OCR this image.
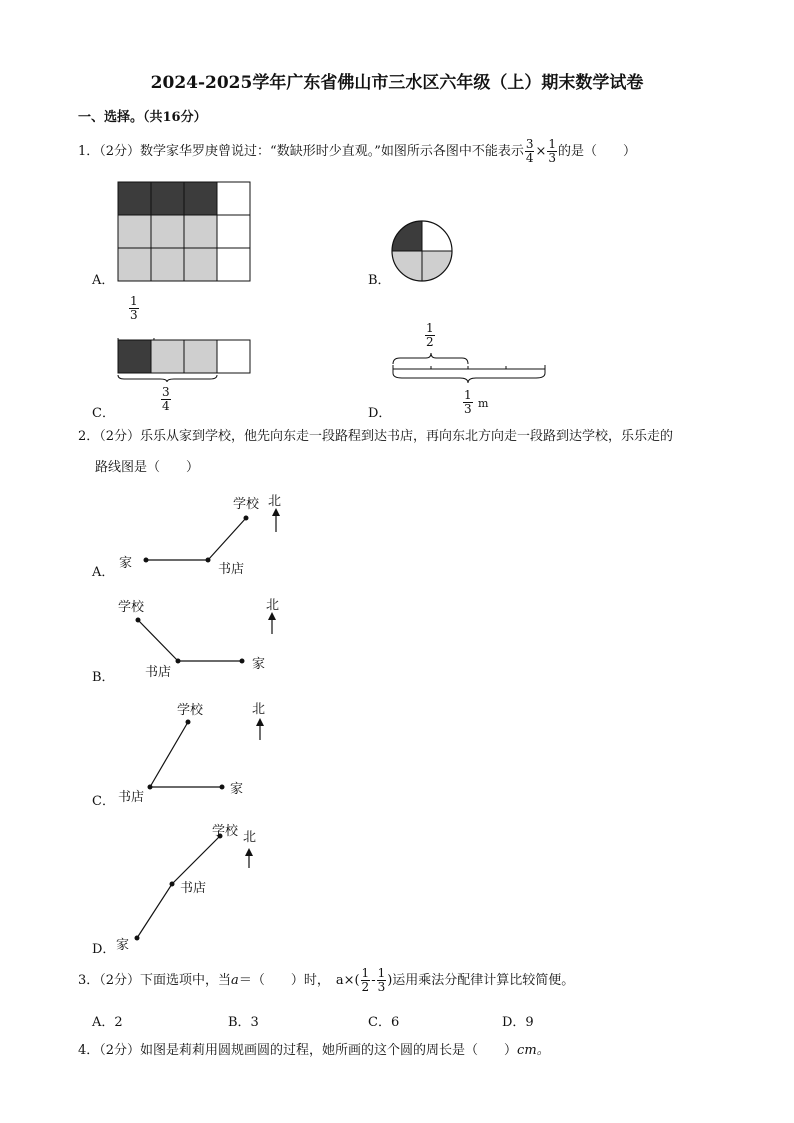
2024-2025学年广东省佛山市三水区六年级（上）期末数学试卷
一、选择。（共16分）
1．（2分）数学家华罗庚曾说过：“数缺形时少直观。”如图所示各图中不能表示 $\frac{3}{4} \times \frac{1}{3}$ 的是（　　）
A．	B．
$\frac{1}{3}$
$\frac{3}{4}$
C．
$\frac{1}{2}$
$\frac{1}{3}$ m
D．
2．（2分）乐乐从家到学校，他先向东走一段路程到达书店，再向东北方向走一段路到达学校，乐乐走的
路线图是（　　）
家	书店
学校 北
A．
学校
书店
家
北
B．
学校
书店
家
北
C．
学校 北
书店
家
D．
3．（2分）下面选项中，当a＝（　　）时， $a\times( \frac{1}{2} - \frac{1}{3}$ )运用乘法分配律计算比较简便。
A．2	B．3	C．6	D．9
4．（2分）如图是莉莉用圆规画圆的过程，她所画的这个圆的周长是（　　）cm。
